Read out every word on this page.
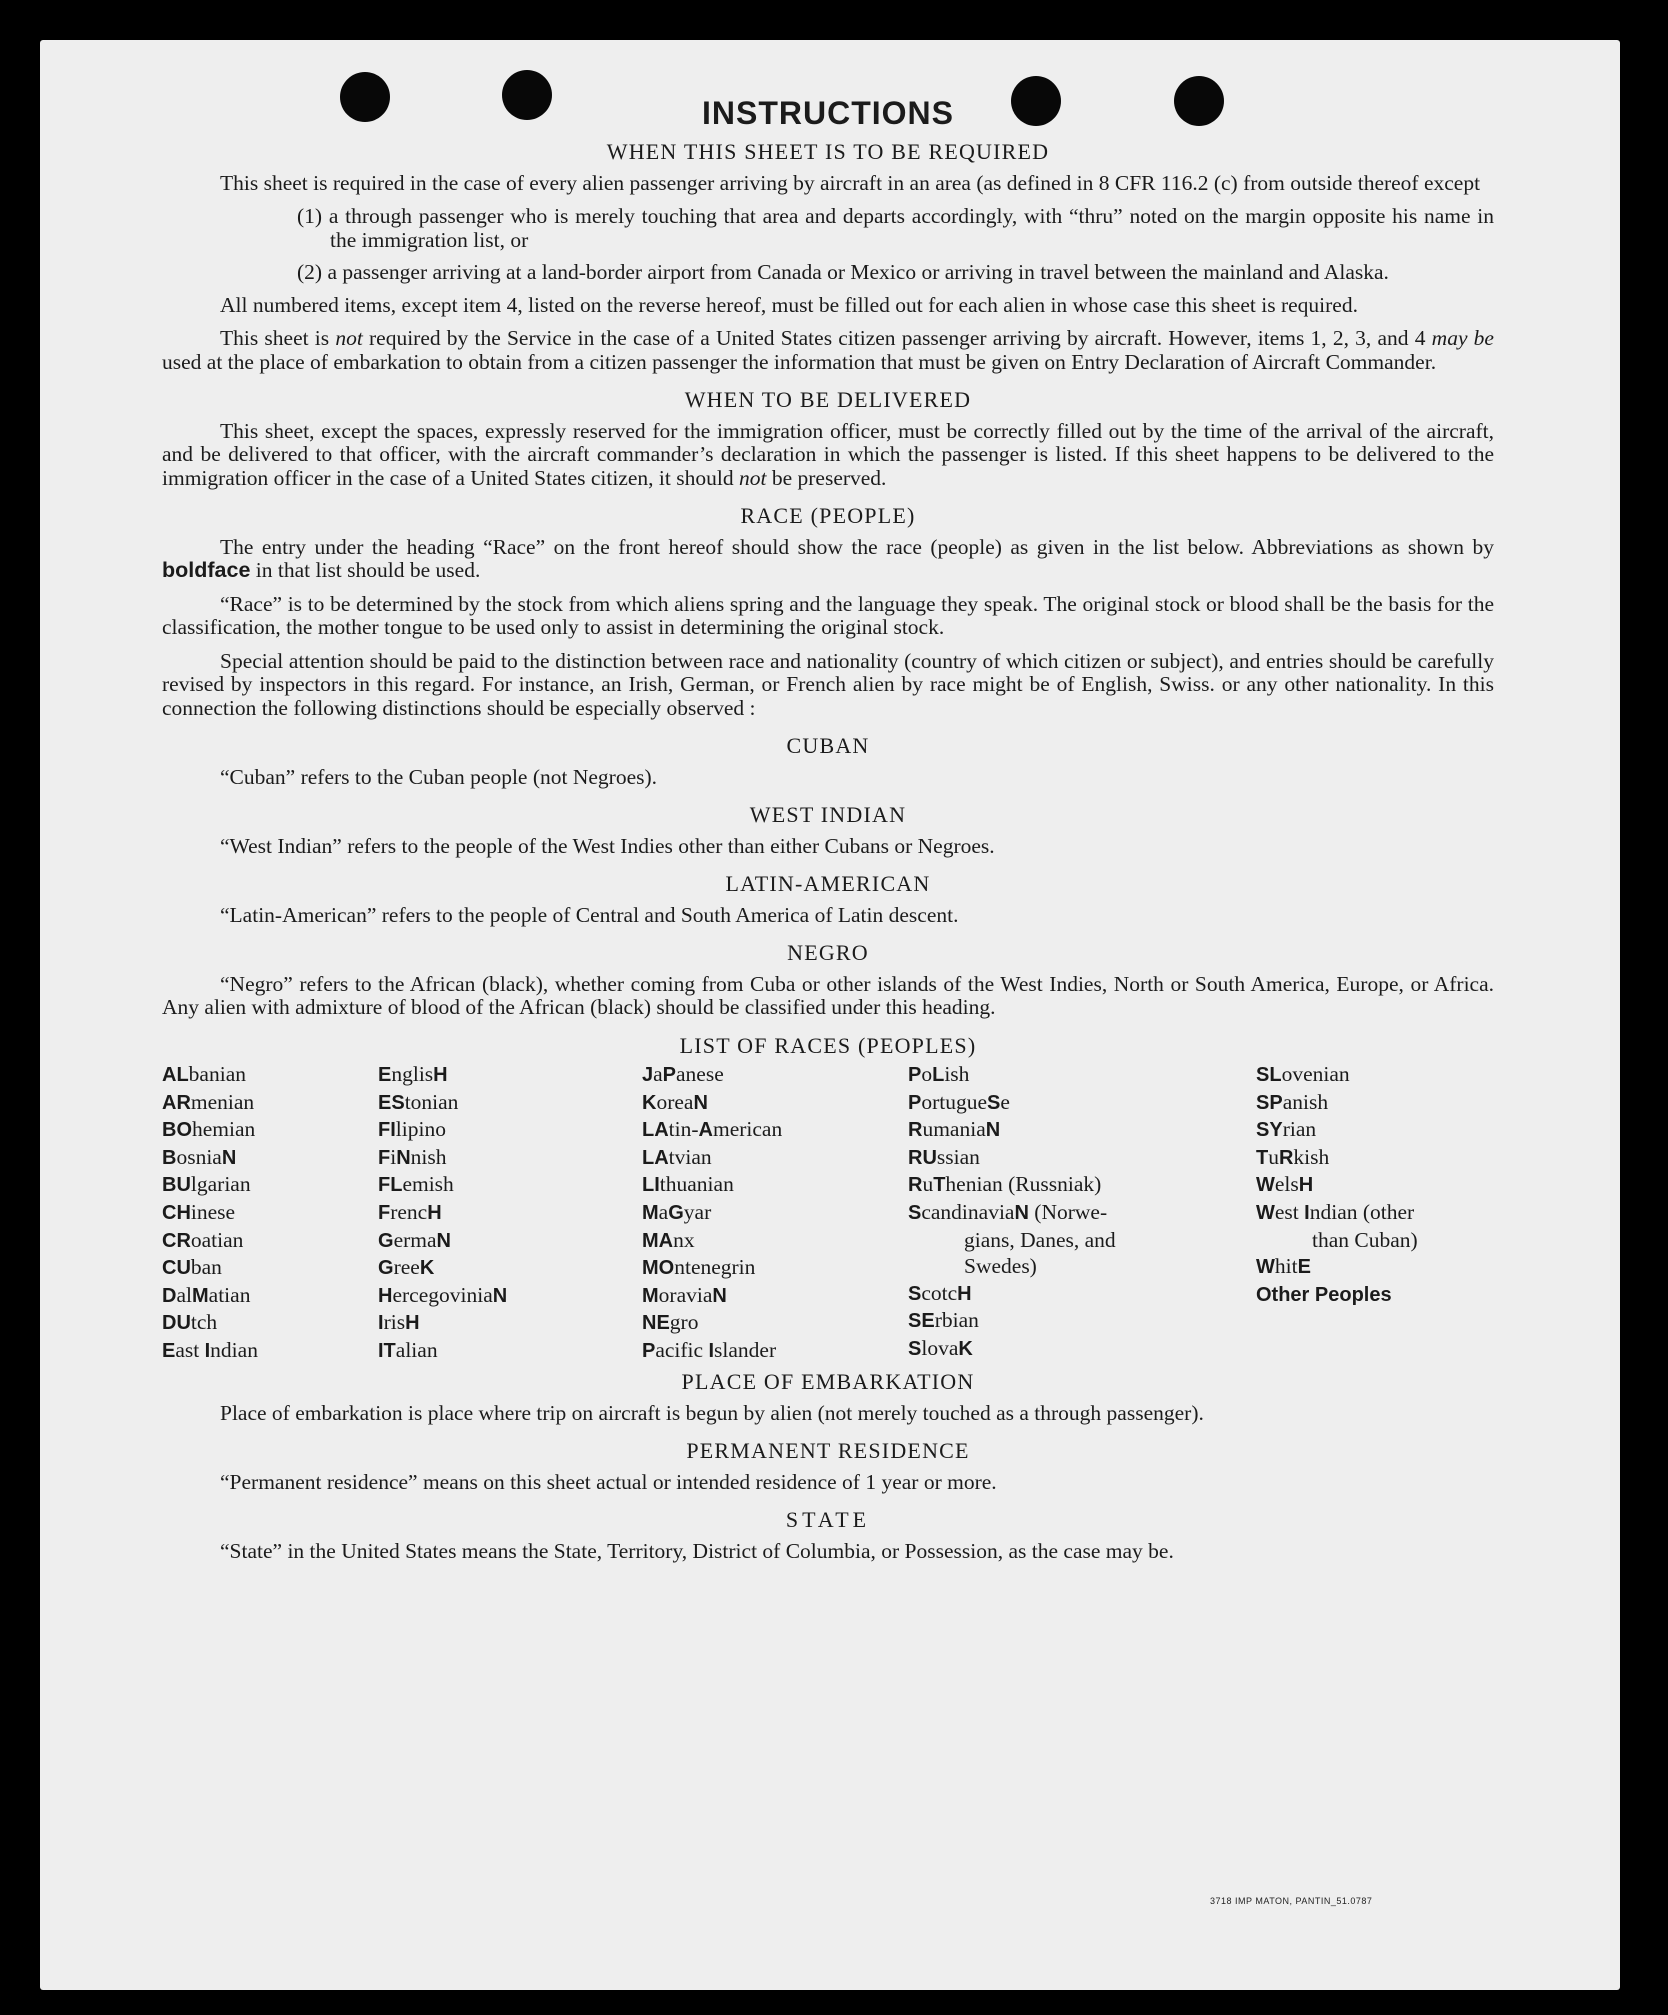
INSTRUCTIONS
WHEN THIS SHEET IS TO BE REQUIRED

This sheet is required in the case of every alien passenger arriving by aircraft in an area (as defined in 8 CFR 116.2 (c) from outside thereof except

(1) a through passenger who is merely touching that area and departs accordingly, with “thru” noted on the margin opposite his name in the immigration list, or
(2) a passenger arriving at a land-border airport from Canada or Mexico or arriving in travel between the mainland and Alaska.

All numbered items, except item 4, listed on the reverse hereof, must be filled out for each alien in whose case this sheet is required.

This sheet is not required by the Service in the case of a United States citizen passenger arriving by aircraft. However, items 1, 2, 3, and 4 may be used at the place of embarkation to obtain from a citizen passenger the information that must be given on Entry Declaration of Aircraft Commander.

WHEN TO BE DELIVERED

This sheet, except the spaces, expressly reserved for the immigration officer, must be correctly filled out by the time of the arrival of the aircraft, and be delivered to that officer, with the aircraft commander’s declaration in which the passenger is listed. If this sheet happens to be delivered to the immigration officer in the case of a United States citizen, it should not be preserved.

RACE (PEOPLE)

The entry under the heading “Race” on the front hereof should show the race (people) as given in the list below. Abbreviations as shown by boldface in that list should be used.

“Race” is to be determined by the stock from which aliens spring and the language they speak. The original stock or blood shall be the basis for the classification, the mother tongue to be used only to assist in determining the original stock.

Special attention should be paid to the distinction between race and nationality (country of which citizen or subject), and entries should be carefully revised by inspectors in this regard. For instance, an Irish, German, or French alien by race might be of English, Swiss. or any other nationality. In this connection the following distinctions should be especially observed :

CUBAN

“Cuban” refers to the Cuban people (not Negroes).

WEST INDIAN

“West Indian” refers to the people of the West Indies other than either Cubans or Negroes.

LATIN-AMERICAN

“Latin-American” refers to the people of Central and South America of Latin descent.

NEGRO

“Negro” refers to the African (black), whether coming from Cuba or other islands of the West Indies, North or South America, Europe, or Africa. Any alien with admixture of blood of the African (black) should be classified under this heading.

LIST OF RACES (PEOPLES)
ALbanian
ARmenian
BOhemian
BosniaN
BUlgarian
CHinese
CRoatian
CUban
DalMatian
DUtch
East Indian
EnglisH
EStonian
FIlipino
FiNnish
FLemish
FrencH
GermaN
GreeK
HercegoviniaN
IrisH
ITalian
JaPanese
KoreaN
LAtin-American
LAtvian
LIthuanian
MaGyar
MAnx
MOntenegrin
MoraviaN
NEgro
Pacific Islander
PoLish
PortugueSe
RumaniaN
RUssian
RuThenian (Russniak)
ScandinaviaN (Norwe-
gians, Danes, and
Swedes)
ScotcH
SErbian
SlovaK
SLovenian
SPanish
SYrian
TuRkish
WelsH
West Indian (other
than Cuban)
WhitE
Other Peoples
PLACE OF EMBARKATION

Place of embarkation is place where trip on aircraft is begun by alien (not merely touched as a through passenger).

PERMANENT RESIDENCE

“Permanent residence” means on this sheet actual or intended residence of 1 year or more.

STATE

“State” in the United States means the State, Territory, District of Columbia, or Possession, as the case may be.

3718 IMP MATON, PANTIN_51.0787
